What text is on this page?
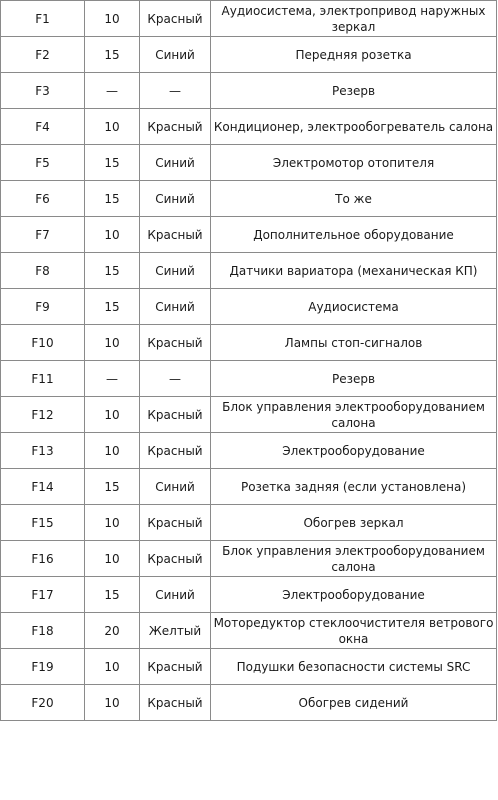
F1	10	Красный	Аудиосистема, электропривод наружных зеркал
F2	15	Синий	Передняя розетка
F3	—	—	Резерв
F4	10	Красный	Кондиционер, электрообогреватель салона
F5	15	Синий	Электромотор отопителя
F6	15	Синий	То же
F7	10	Красный	Дополнительное оборудование
F8	15	Синий	Датчики вариатора (механическая КП)
F9	15	Синий	Аудиосистема
F10	10	Красный	Лампы стоп-сигналов
F11	—	—	Резерв
F12	10	Красный	Блок управления электрооборудованием салона
F13	10	Красный	Электрооборудование
F14	15	Синий	Розетка задняя (если установлена)
F15	10	Красный	Обогрев зеркал
F16	10	Красный	Блок управления электрооборудованием салона
F17	15	Синий	Электрооборудование
F18	20	Желтый	Моторедуктор стеклоочистителя ветрового окна
F19	10	Красный	Подушки безопасности системы SRC
F20	10	Красный	Обогрев сидений
